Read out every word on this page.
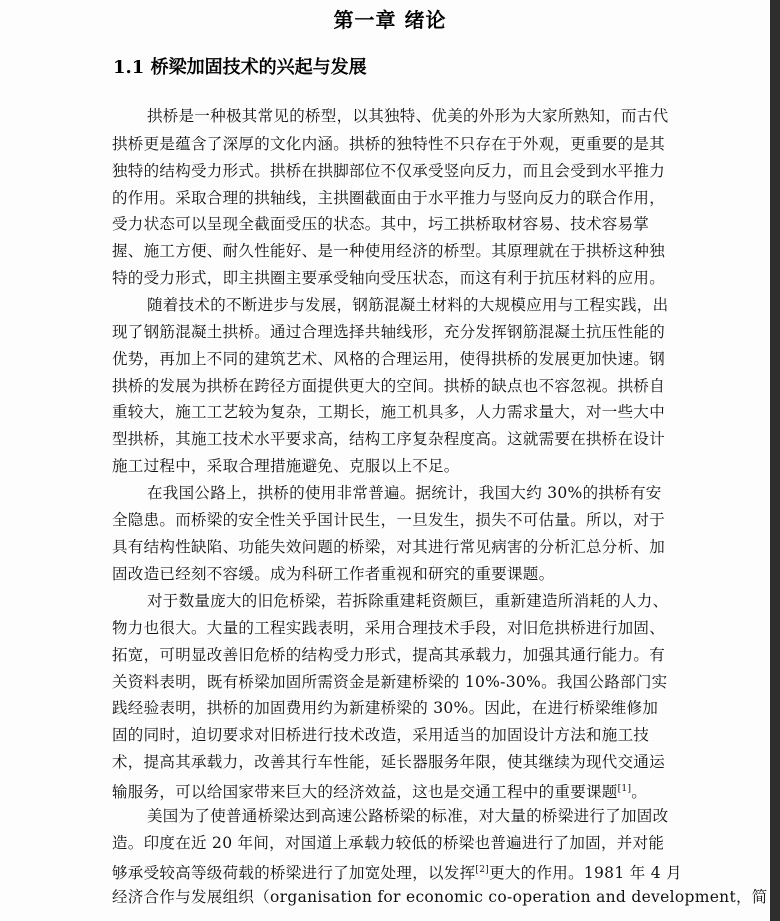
第一章 绪论
1.1 桥梁加固技术的兴起与发展
拱桥是一种极其常见的桥型，以其独特、优美的外形为大家所熟知，而古代
拱桥更是蕴含了深厚的文化内涵。拱桥的独特性不只存在于外观，更重要的是其
独特的结构受力形式。拱桥在拱脚部位不仅承受竖向反力，而且会受到水平推力
的作用。采取合理的拱轴线，主拱圈截面由于水平推力与竖向反力的联合作用，
受力状态可以呈现全截面受压的状态。其中，圬工拱桥取材容易、技术容易掌
握、施工方便、耐久性能好、是一种使用经济的桥型。其原理就在于拱桥这种独
特的受力形式，即主拱圈主要承受轴向受压状态，而这有利于抗压材料的应用。
随着技术的不断进步与发展，钢筋混凝土材料的大规模应用与工程实践，出
现了钢筋混凝土拱桥。通过合理选择共轴线形，充分发挥钢筋混凝土抗压性能的
优势，再加上不同的建筑艺术、风格的合理运用，使得拱桥的发展更加快速。钢
拱桥的发展为拱桥在跨径方面提供更大的空间。拱桥的缺点也不容忽视。拱桥自
重较大，施工工艺较为复杂，工期长，施工机具多，人力需求量大，对一些大中
型拱桥，其施工技术水平要求高，结构工序复杂程度高。这就需要在拱桥在设计
施工过程中，采取合理措施避免、克服以上不足。
在我国公路上，拱桥的使用非常普遍。据统计，我国大约 30%的拱桥有安
全隐患。而桥梁的安全性关乎国计民生，一旦发生，损失不可估量。所以，对于
具有结构性缺陷、功能失效问题的桥梁，对其进行常见病害的分析汇总分析、加
固改造已经刻不容缓。成为科研工作者重视和研究的重要课题。
对于数量庞大的旧危桥梁，若拆除重建耗资颇巨，重新建造所消耗的人力、
物力也很大。大量的工程实践表明，采用合理技术手段，对旧危拱桥进行加固、
拓宽，可明显改善旧危桥的结构受力形式，提高其承载力，加强其通行能力。有
关资料表明，既有桥梁加固所需资金是新建桥梁的 10%-30%。我国公路部门实
践经验表明，拱桥的加固费用约为新建桥梁的 30%。因此，在进行桥梁维修加
固的同时，迫切要求对旧桥进行技术改造，采用适当的加固设计方法和施工技
术，提高其承载力，改善其行车性能，延长器服务年限，使其继续为现代交通运
输服务，可以给国家带来巨大的经济效益，这也是交通工程中的重要课题[1]。
美国为了使普通桥梁达到高速公路桥梁的标准，对大量的桥梁进行了加固改
造。印度在近 20 年间，对国道上承载力较低的桥梁也普遍进行了加固，并对能
够承受较高等级荷载的桥梁进行了加宽处理，以发挥[2]更大的作用。1981 年 4 月
经济合作与发展组织（organisation for economic co-operation and development，简
